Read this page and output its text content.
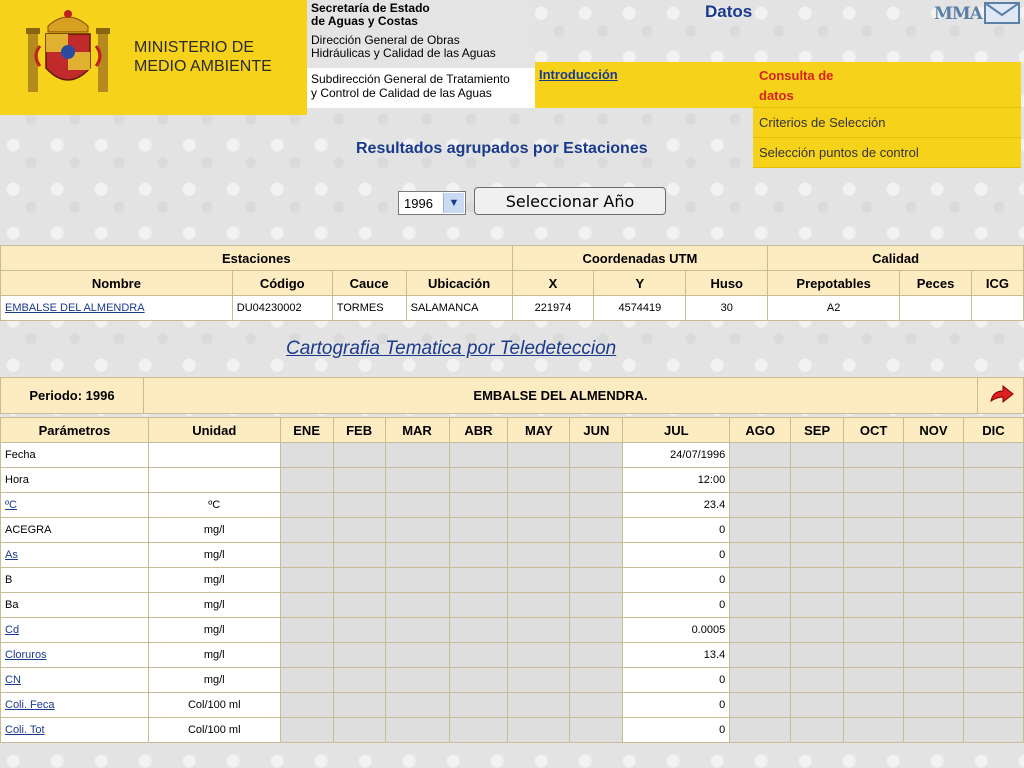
MINISTERIO DE
MEDIO AMBIENTE
Secretaría de Estado
de Aguas y Costas
Dirección General de Obras
Hidráulicas y Calidad de las Aguas
Subdirección General de Tratamiento
y Control de Calidad de las Aguas
Datos	MMA
Introducción	Consulta de
datos
Criterios de Selección
Selección puntos de control
Resultados agrupados por Estaciones
1996	▼	Seleccionar Año
Estaciones				Coordenadas UTM			Calidad		
Nombre	Código	Cauce	Ubicación	X	Y	Huso	Prepotables	Peces	ICG
EMBALSE DEL ALMENDRA	DU04230002	TORMES	SALAMANCA	221974	4574419	30	A2		
Cartografia Tematica por Teledeteccion
Periodo: 1996	EMBALSE DEL ALMENDRA.	
Parámetros	Unidad	ENE	FEB	MAR	ABR	MAY	JUN	JUL	AGO	SEP	OCT	NOV	DIC
Fecha								24/07/1996					
Hora								12:00					
ºC	ºC							23.4					
ACEGRA	mg/l							0					
As	mg/l							0					
B	mg/l							0					
Ba	mg/l							0					
Cd	mg/l							0.0005					
Cloruros	mg/l							13.4					
CN	mg/l							0					
Coli. Feca	Col/100 ml							0					
Coli. Tot	Col/100 ml							0					
